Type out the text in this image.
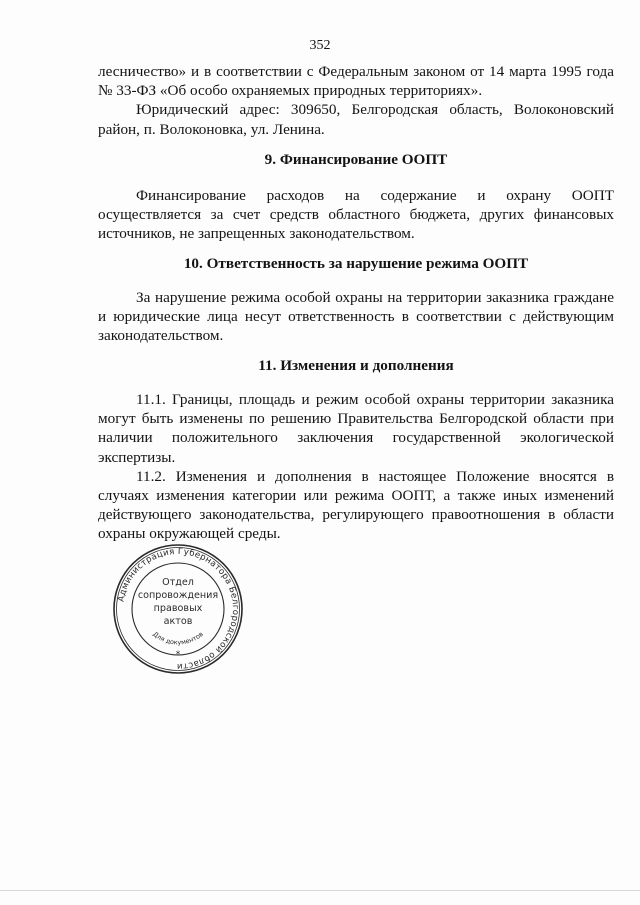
352

лесничество» и в соответствии с Федеральным законом от 14 марта 1995 года № 33-ФЗ «Об особо охраняемых природных территориях».

Юридический адрес: 309650, Белгородская область, Волоконовский район, п. Волоконовка, ул. Ленина.

9. Финансирование ООПТ

Финансирование расходов на содержание и охрану ООПТ осуществляется за счет средств областного бюджета, других финансовых источников, не запрещенных законодательством.

10. Ответственность за нарушение режима ООПТ

За нарушение режима особой охраны на территории заказника граждане и юридические лица несут ответственность в соответствии с действующим законодательством.

11. Изменения и дополнения

11.1. Границы, площадь и режим особой охраны территории заказника могут быть изменены по решению Правительства Белгородской области при наличии положительного заключения государственной экологической экспертизы.

11.2. Изменения и дополнения в настоящее Положение вносятся в случаях изменения категории или режима ООПТ, а также иных изменений действующего законодательства, регулирующего правоотношения в области охраны окружающей среды.

Администрация Губернатора Белгородской области
Для документов
Отдел
сопровождения
правовых
актов
*
